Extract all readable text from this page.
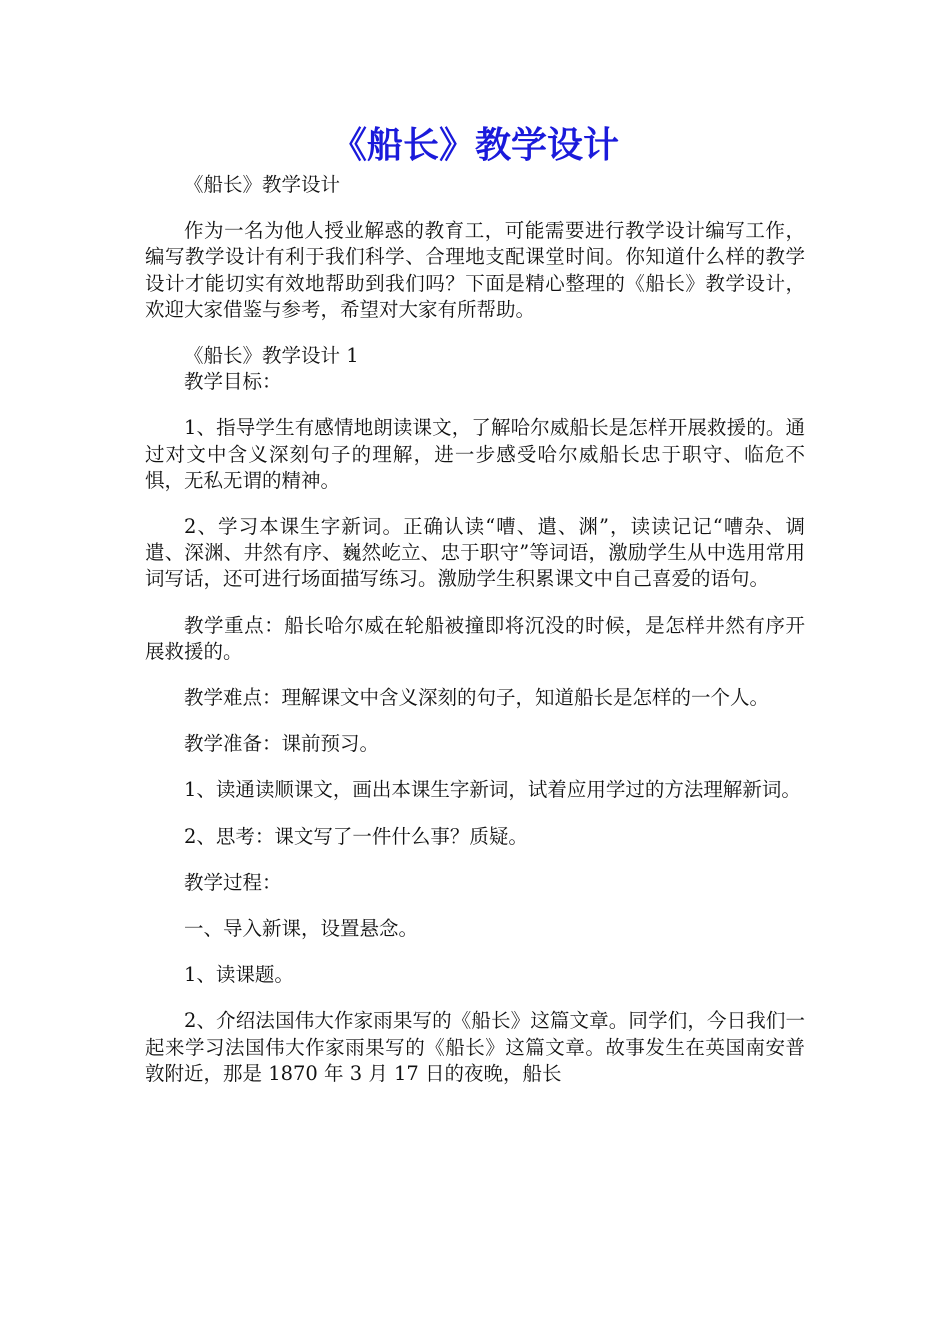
《船长》教学设计

《船长》教学设计

作为一名为他人授业解惑的教育工，可能需要进行教学设计编写工作，编写教学设计有利于我们科学、合理地支配课堂时间。你知道什么样的教学设计才能切实有效地帮助到我们吗？下面是精心整理的《船长》教学设计，欢迎大家借鉴与参考，希望对大家有所帮助。

《船长》教学设计 1

教学目标：

1、指导学生有感情地朗读课文，了解哈尔威船长是怎样开展救援的。通过对文中含义深刻句子的理解，进一步感受哈尔威船长忠于职守、临危不惧，无私无谓的精神。

2、学习本课生字新词。正确认读“嘈、遣、渊”，读读记记“嘈杂、调遣、深渊、井然有序、巍然屹立、忠于职守”等词语，激励学生从中选用常用词写话，还可进行场面描写练习。激励学生积累课文中自己喜爱的语句。

教学重点：船长哈尔威在轮船被撞即将沉没的时候，是怎样井然有序开展救援的。

教学难点：理解课文中含义深刻的句子，知道船长是怎样的一个人。

教学准备：课前预习。

1、读通读顺课文，画出本课生字新词，试着应用学过的方法理解新词。

2、思考：课文写了一件什么事？质疑。

教学过程：

一、导入新课，设置悬念。

1、读课题。

2、介绍法国伟大作家雨果写的《船长》这篇文章。同学们，今日我们一起来学习法国伟大作家雨果写的《船长》这篇文章。故事发生在英国南安普敦附近，那是 1870 年 3 月 17 日的夜晚，船长
